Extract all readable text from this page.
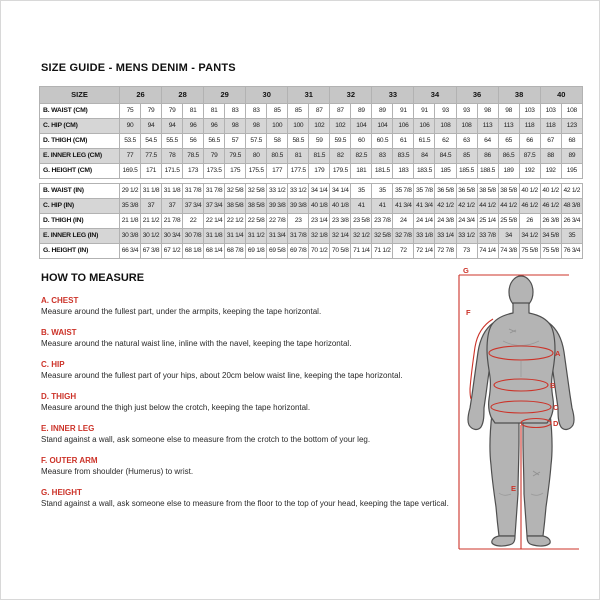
SIZE GUIDE - MENS DENIM - PANTS
SIZE	26		28		29		30		31		32		33		34		36		38		40	
B. WAIST (CM)	75	79	79	81	81	83	83	85	85	87	87	89	89	91	91	93	93	98	98	103	103	108
C. HIP (CM)	90	94	94	96	96	98	98	100	100	102	102	104	104	106	106	108	108	113	113	118	118	123
D. THIGH (CM)	53.5	54.5	55.5	56	56.5	57	57.5	58	58.5	59	59.5	60	60.5	61	61.5	62	63	64	65	66	67	68
E. INNER LEG (CM)	77	77.5	78	78.5	79	79.5	80	80.5	81	81.5	82	82.5	83	83.5	84	84.5	85	86	86.5	87.5	88	89
G. HEIGHT (CM)	169.5	171	171.5	173	173.5	175	175.5	177	177.5	179	179.5	181	181.5	183	183.5	185	185.5	188.5	189	192	192	195

B. WAIST (IN)	29 1/2	31 1/8	31 1/8	31 7/8	31 7/8	32 5/8	32 5/8	33 1/2	33 1/2	34 1/4	34 1/4	35	35	35 7/8	35 7/8	36 5/8	36 5/8	38 5/8	38 5/8	40 1/2	40 1/2	42 1/2
C. HIP (IN)	35 3/8	37	37	37 3/4	37 3/4	38 5/8	38 5/8	39 3/8	39 3/8	40 1/8	40 1/8	41	41	41 3/4	41 3/4	42 1/2	42 1/2	44 1/2	44 1/2	46 1/2	46 1/2	48 3/8
D. THIGH (IN)	21 1/8	21 1/2	21 7/8	22	22 1/4	22 1/2	22 5/8	22 7/8	23	23 1/4	23 3/8	23 5/8	23 7/8	24	24 1/4	24 3/8	24 3/4	25 1/4	25 5/8	26	26 3/8	26 3/4
E. INNER LEG (IN)	30 3/8	30 1/2	30 3/4	30 7/8	31 1/8	31 1/4	31 1/2	31 3/4	31 7/8	32 1/8	32 1/4	32 1/2	32 5/8	32 7/8	33 1/8	33 1/4	33 1/2	33 7/8	34	34 1/2	34 5/8	35
G. HEIGHT (IN)	66 3/4	67 3/8	67 1/2	68 1/8	68 1/4	68 7/8	69 1/8	69 5/8	69 7/8	70 1/2	70 5/8	71 1/4	71 1/2	72	72 1/4	72 7/8	73	74 1/4	74 3/8	75 5/8	75 5/8	76 3/4
HOW TO MEASURE
A. CHEST
Measure around the fullest part, under the armpits, keeping the tape horizontal.
B. WAIST
Measure around the natural waist line, inline with the navel, keeping the tape horizontal.
C. HIP
Measure around the fullest part of your hips, about 20cm below waist line, keeping the tape horizontal.
D. THIGH
Measure around the thigh just below the crotch, keeping the tape horizontal.
E. INNER LEG
Stand against a wall, ask someone else to measure from the crotch to the bottom of your leg.
F. OUTER ARM
Measure from shoulder (Humerus) to wrist.
G. HEIGHT
Stand against a wall, ask someone else to measure from the floor to the top of your head, keeping the tape vertical.
G
F
A
B
C
D
E
